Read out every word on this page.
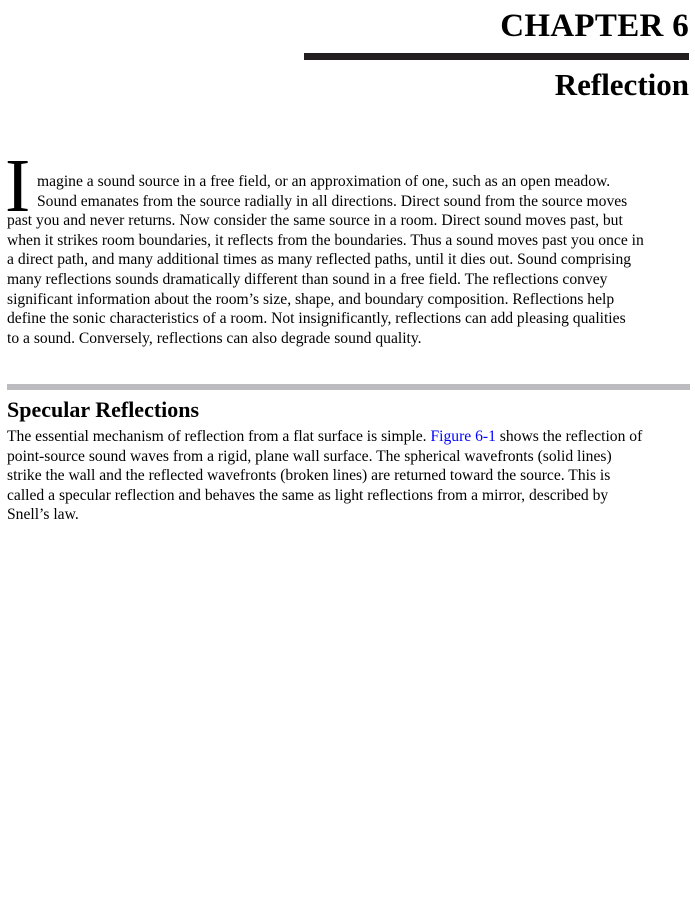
CHAPTER 6
Reflection
I magine a sound source in a free field, or an approximation of one, such as an open meadow.
Sound emanates from the source radially in all directions. Direct sound from the source moves
past you and never returns. Now consider the same source in a room. Direct sound moves past, but
when it strikes room boundaries, it reflects from the boundaries. Thus a sound moves past you once in
a direct path, and many additional times as many reflected paths, until it dies out. Sound comprising
many reflections sounds dramatically different than sound in a free field. The reflections convey
significant information about the room’s size, shape, and boundary composition. Reflections help
define the sonic characteristics of a room. Not insignificantly, reflections can add pleasing qualities
to a sound. Conversely, reflections can also degrade sound quality.

Specular Reflections

The essential mechanism of reflection from a flat surface is simple. Figure 6-1 shows the reflection of
point-source sound waves from a rigid, plane wall surface. The spherical wavefronts (solid lines)
strike the wall and the reflected wavefronts (broken lines) are returned toward the source. This is
called a specular reflection and behaves the same as light reflections from a mirror, described by
Snell’s law.
